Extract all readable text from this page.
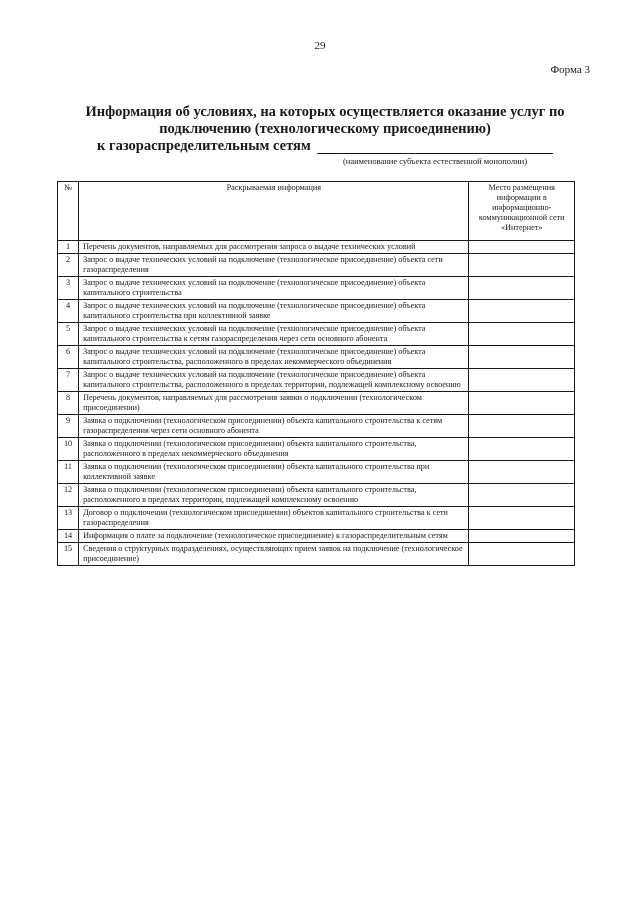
29
Форма 3
Информация об условиях, на которых осуществляется оказание услуг по
подключению (технологическому присоединению)
к газораспределительным сетям
(наименование субъекта естественной монополии)
№	Раскрываемая информация	Место размещения информации в информационно-коммуникационной сети «Интернет»
1	Перечень документов, направляемых для рассмотрения запроса о выдаче технических условий	
2	Запрос о выдаче технических условий на подключение (технологическое присоединение) объекта сети газораспределения	
3	Запрос о выдаче технических условий на подключение (технологическое присоединение) объекта капитального строительства	
4	Запрос о выдаче технических условий на подключение (технологическое присоединение) объекта капитального строительства при коллективной заявке	
5	Запрос о выдаче технических условий на подключение (технологическое присоединение) объекта капитального строительства к сетям газораспределения через сети основного абонента	
6	Запрос о выдаче технических условий на подключение (технологическое присоединение) объекта капитального строительства, расположенного в пределах некоммерческого объединения	
7	Запрос о выдаче технических условий на подключение (технологическое присоединение) объекта капитального строительства, расположенного в пределах территории, подлежащей комплексному освоению	
8	Перечень документов, направляемых для рассмотрения заявки о подключении (технологическом присоединении)	
9	Заявка о подключении (технологическом присоединении) объекта капитального строительства к сетям газораспределения через сети основного абонента	
10	Заявка о подключении (технологическом присоединении) объекта капитального строительства, расположенного в пределах некоммерческого объединения	
11	Заявка о подключении (технологическом присоединении) объекта капитального строительства при коллективной заявке	
12	Заявка о подключении (технологическом присоединении) объекта капитального строительства, расположенного в пределах территории, подлежащей комплексному освоению	
13	Договор о подключении (технологическом присоединении) объектов капитального строительства к сети газораспределения	
14	Информация о плате за подключение (технологическое присоединение) к газораспределительным сетям	
15	Сведения о структурных подразделениях, осуществляющих прием заявок на подключение (технологическое присоединение)	
